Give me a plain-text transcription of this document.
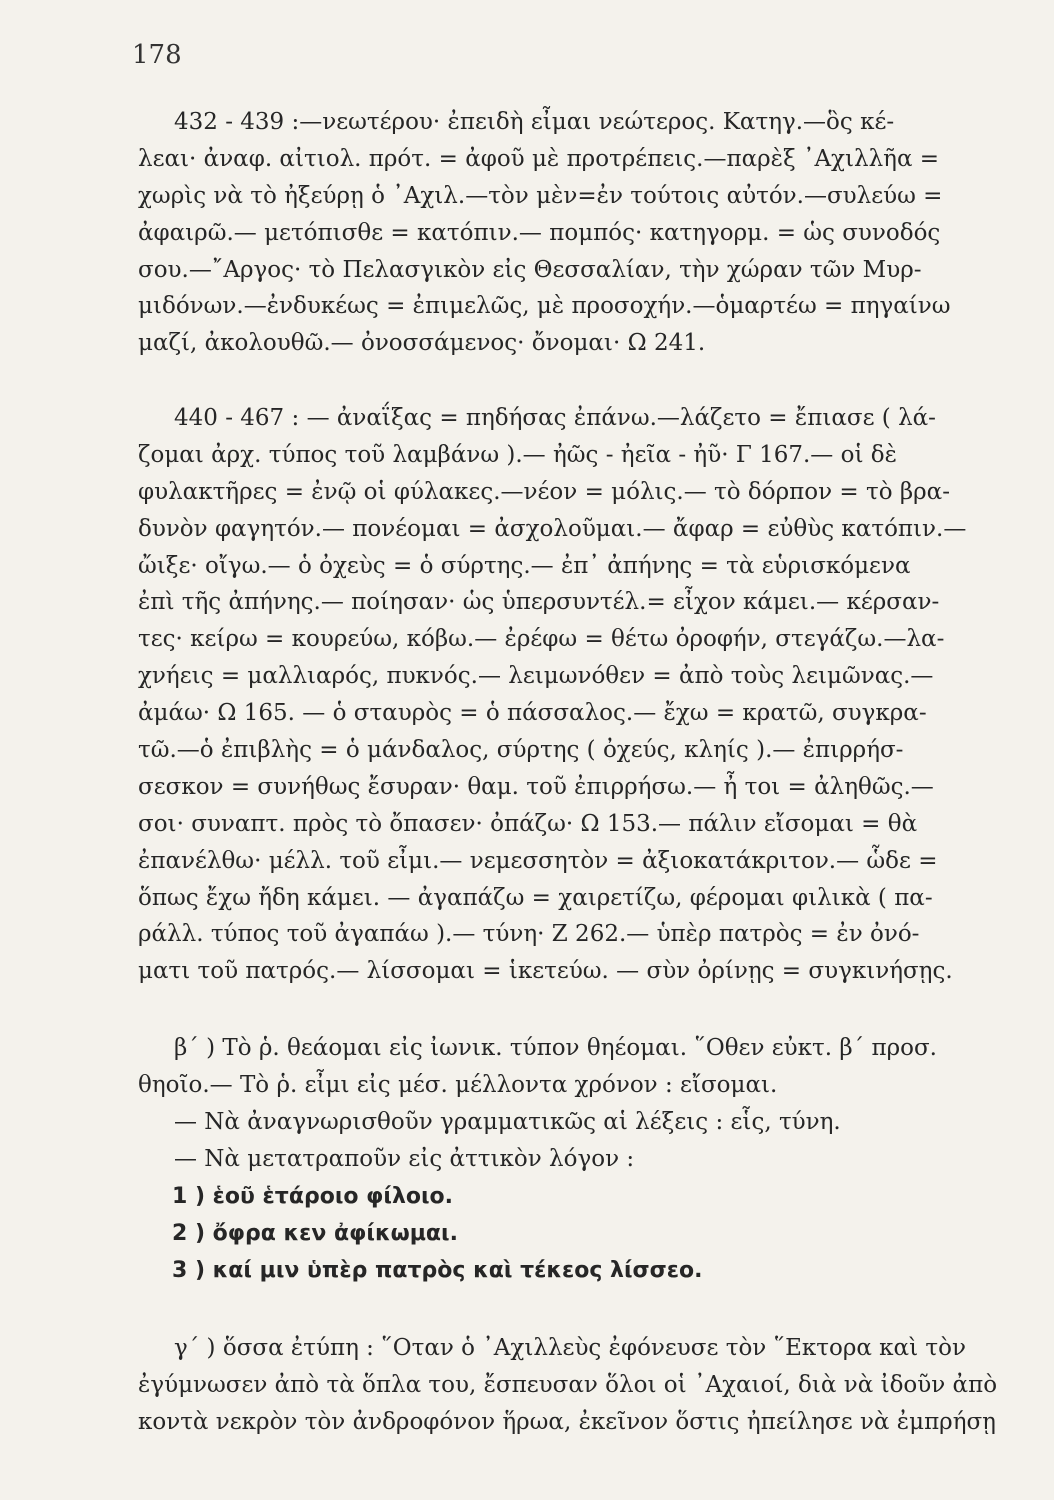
178
432 - 439 :—νεωτέρου· ἐπειδὴ εἶμαι νεώτερος. Κατηγ.—ὃς κέ-
λεαι· ἀναφ. αἰτιολ. πρότ. = ἀφοῦ μὲ προτρέπεις.—παρὲξ ᾿Αχιλλῆα =
χωρὶς νὰ τὸ ἠξεύρῃ ὁ ᾿Αχιλ.—τὸν μὲν=ἐν τούτοις αὐτόν.—συλεύω =
ἀφαιρῶ.— μετόπισθε = κατόπιν.— πομπός· κατηγορμ. = ὡς συνοδός
σου.—῎Αργος· τὸ Πελασγικὸν εἰς Θεσσαλίαν, τὴν χώραν τῶν Μυρ-
μιδόνων.—ἐνδυκέως = ἐπιμελῶς, μὲ προσοχήν.—ὁμαρτέω = πηγαίνω
μαζί, ἀκολουθῶ.— ὀνοσσάμενος· ὄνομαι· Ω 241.
440 - 467 : — ἀναΐξας = πηδήσας ἐπάνω.—λάζετο = ἔπιασε ( λά-
ζομαι ἀρχ. τύπος τοῦ λαμβάνω ).— ἠῶς - ἠεῖα - ἠῦ· Γ 167.— οἱ δὲ
φυλακτῆρες = ἐνῷ οἱ φύλακες.—νέον = μόλις.— τὸ δόρπον = τὸ βρα-
δυνὸν φαγητόν.— πονέομαι = ἀσχολοῦμαι.— ἄφαρ = εὐθὺς κατόπιν.—
ὤιξε· οἴγω.— ὁ ὀχεὺς = ὁ σύρτης.— ἐπ᾿ ἀπήνης = τὰ εὑρισκόμενα
ἐπὶ τῆς ἀπήνης.— ποίησαν· ὡς ὑπερσυντέλ.= εἶχον κάμει.— κέρσαν-
τες· κείρω = κουρεύω, κόβω.— ἐρέφω = θέτω ὀροφήν, στεγάζω.—λα-
χνήεις = μαλλιαρός, πυκνός.— λειμωνόθεν = ἀπὸ τοὺς λειμῶνας.—
ἀμάω· Ω 165. — ὁ σταυρὸς = ὁ πάσσαλος.— ἔχω = κρατῶ, συγκρα-
τῶ.—ὁ ἐπιβλὴς = ὁ μάνδαλος, σύρτης ( ὀχεύς, κληίς ).— ἐπιρρήσ-
σεσκον = συνήθως ἔσυραν· θαμ. τοῦ ἐπιρρήσω.— ἦ τοι = ἀληθῶς.—
σοι· συναπτ. πρὸς τὸ ὄπασεν· ὀπάζω· Ω 153.— πάλιν εἴσομαι = θὰ
ἐπανέλθω· μέλλ. τοῦ εἶμι.— νεμεσσητὸν = ἀξιοκατάκριτον.— ὧδε =
ὅπως ἔχω ἤδη κάμει. — ἀγαπάζω = χαιρετίζω, φέρομαι φιλικὰ ( πα-
ράλλ. τύπος τοῦ ἀγαπάω ).— τύνη· Ζ 262.— ὑπὲρ πατρὸς = ἐν ὀνό-
ματι τοῦ πατρός.— λίσσομαι = ἱκετεύω. — σὺν ὀρίνῃς = συγκινήσῃς.
β΄ ) Τὸ ῥ. θεάομαι εἰς ἰωνικ. τύπον θηέομαι. ῞Οθεν εὐκτ. β΄ προσ.
θηοῖο.— Τὸ ῥ. εἶμι εἰς μέσ. μέλλοντα χρόνον : εἴσομαι.
— Νὰ ἀναγνωρισθοῦν γραμματικῶς αἱ λέξεις : εἷς, τύνη.
— Νὰ μετατραποῦν εἰς ἀττικὸν λόγον :
1 ) ἑοῦ ἑτάροιο φίλοιο.
2 ) ὄφρα κεν ἀφίκωμαι.
3 ) καί μιν ὑπὲρ πατρὸς καὶ τέκεος λίσσεο.
γ΄ ) ὅσσα ἐτύπη : ῞Οταν ὁ ᾿Αχιλλεὺς ἐφόνευσε τὸν ῞Εκτορα καὶ τὸν
ἐγύμνωσεν ἀπὸ τὰ ὅπλα του, ἔσπευσαν ὅλοι οἱ ᾿Αχαιοί, διὰ νὰ ἰδοῦν ἀπὸ
κοντὰ νεκρὸν τὸν ἀνδροφόνον ἥρωα, ἐκεῖνον ὅστις ἠπείλησε νὰ ἐμπρήσῃ
